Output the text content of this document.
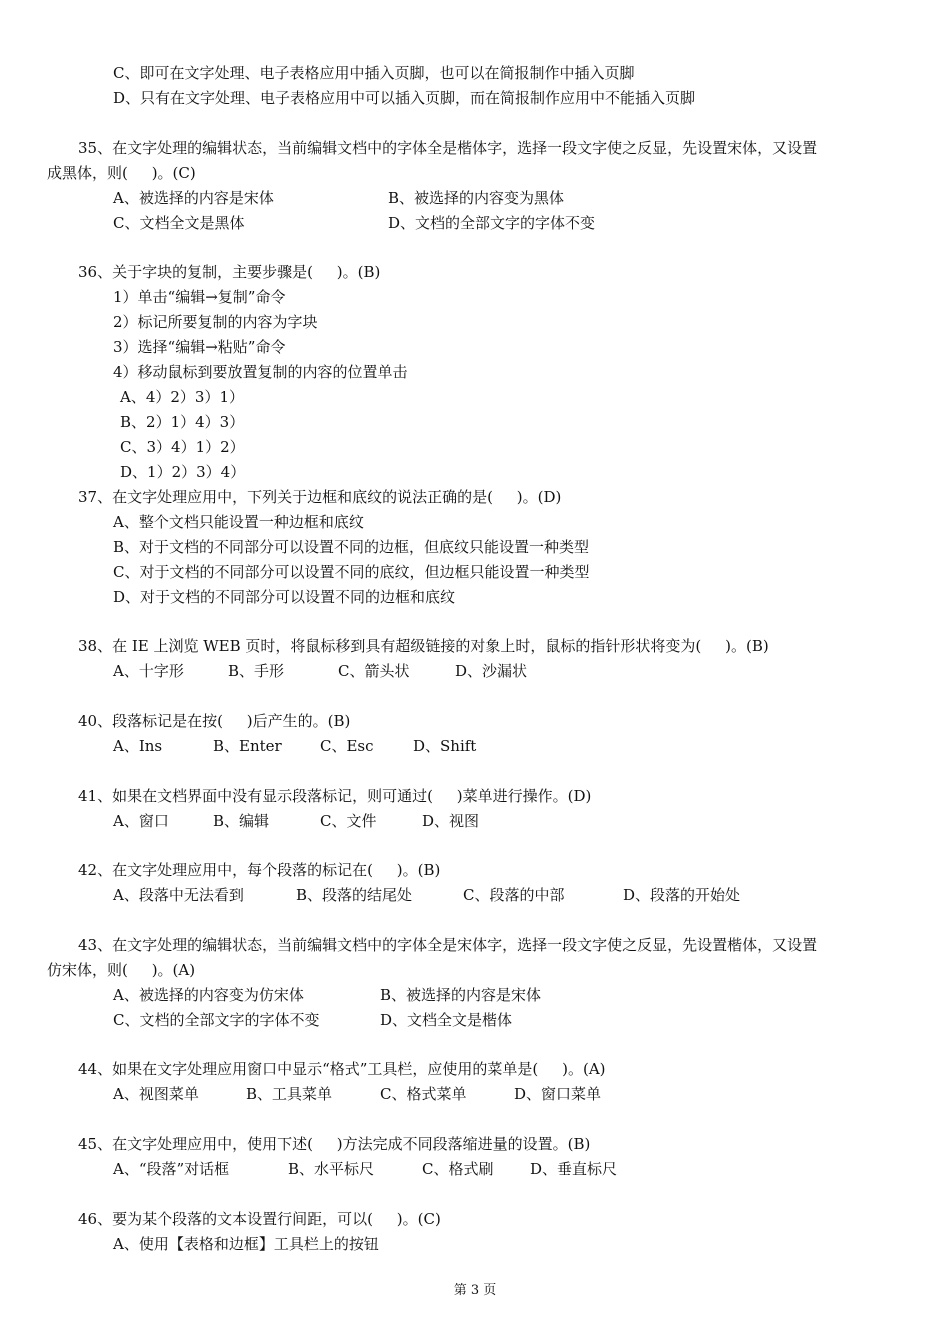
C、即可在文字处理、电子表格应用中插入页脚，也可以在简报制作中插入页脚
D、只有在文字处理、电子表格应用中可以插入页脚，而在简报制作应用中不能插入页脚
35、在文字处理的编辑状态，当前编辑文档中的字体全是楷体字，选择一段文字使之反显，先设置宋体，又设置
成黑体，则(     )。(C)
A、被选择的内容是宋体	B、被选择的内容变为黑体
C、文档全文是黑体	D、文档的全部文字的字体不变
36、关于字块的复制，主要步骤是(     )。(B)
1）单击“编辑→复制”命令
2）标记所要复制的内容为字块
3）选择“编辑→粘贴”命令
4）移动鼠标到要放置复制的内容的位置单击
A、4）2）3）1）
B、2）1）4）3）
C、3）4）1）2）
D、1）2）3）4）
37、在文字处理应用中，下列关于边框和底纹的说法正确的是(     )。(D)
A、整个文档只能设置一种边框和底纹
B、对于文档的不同部分可以设置不同的边框，但底纹只能设置一种类型
C、对于文档的不同部分可以设置不同的底纹，但边框只能设置一种类型
D、对于文档的不同部分可以设置不同的边框和底纹
38、在 IE 上浏览 WEB 页时，将鼠标移到具有超级链接的对象上时，鼠标的指针形状将变为(     )。(B)
A、十字形	B、手形	C、箭头状	D、沙漏状
40、段落标记是在按(     )后产生的。(B)
A、Ins	B、Enter	C、Esc	D、Shift
41、如果在文档界面中没有显示段落标记，则可通过(     )菜单进行操作。(D)
A、窗口	B、编辑	C、文件	D、视图
42、在文字处理应用中，每个段落的标记在(     )。(B)
A、段落中无法看到	B、段落的结尾处	C、段落的中部	D、段落的开始处
43、在文字处理的编辑状态，当前编辑文档中的字体全是宋体字，选择一段文字使之反显，先设置楷体，又设置
仿宋体，则(     )。(A)
A、被选择的内容变为仿宋体	B、被选择的内容是宋体
C、文档的全部文字的字体不变	D、文档全文是楷体
44、如果在文字处理应用窗口中显示“格式”工具栏，应使用的菜单是(     )。(A)
A、视图菜单	B、工具菜单	C、格式菜单	D、窗口菜单
45、在文字处理应用中，使用下述(     )方法完成不同段落缩进量的设置。(B)
A、“段落”对话框	B、水平标尺	C、格式刷 D、垂直标尺
46、要为某个段落的文本设置行间距，可以(     )。(C)
A、使用【表格和边框】工具栏上的按钮
第 3 页
